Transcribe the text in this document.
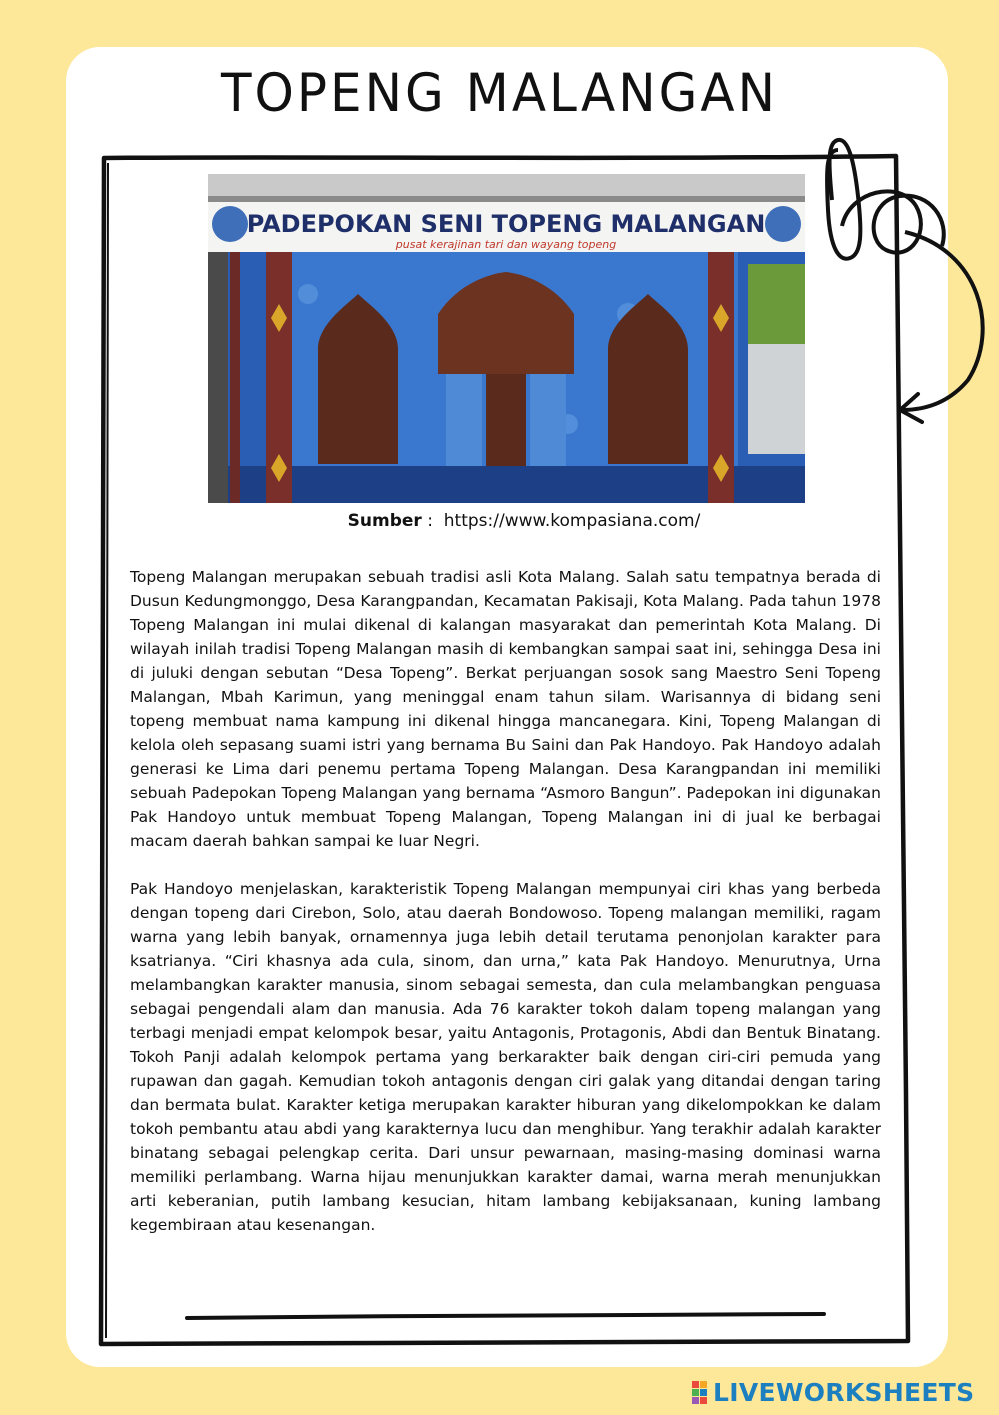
TOPENG MALANGAN
PADEPOKAN SENI TOPENG MALANGAN
pusat kerajinan tari dan wayang topeng
Sumber :  https://www.kompasiana.com/

Topeng Malangan merupakan sebuah tradisi asli Kota Malang. Salah satu tempatnya berada di Dusun Kedungmonggo, Desa Karangpandan, Kecamatan Pakisaji, Kota Malang. Pada tahun 1978 Topeng Malangan ini mulai dikenal di kalangan masyarakat dan pemerintah Kota Malang. Di wilayah inilah tradisi Topeng Malangan masih di kembangkan sampai saat ini, sehingga Desa ini di juluki dengan sebutan “Desa Topeng”. Berkat perjuangan sosok sang Maestro Seni Topeng Malangan, Mbah Karimun, yang meninggal enam tahun silam. Warisannya di bidang seni topeng membuat nama kampung ini dikenal hingga mancanegara. Kini, Topeng Malangan di kelola oleh sepasang suami istri yang bernama Bu Saini dan Pak Handoyo. Pak Handoyo adalah generasi ke Lima dari penemu pertama Topeng Malangan. Desa Karangpandan ini memiliki sebuah Padepokan Topeng Malangan yang bernama “Asmoro Bangun”. Padepokan ini digunakan Pak Handoyo untuk membuat Topeng Malangan, Topeng Malangan ini di jual ke berbagai macam daerah bahkan sampai ke luar Negri.

Pak Handoyo menjelaskan, karakteristik Topeng Malangan mempunyai ciri khas yang berbeda dengan topeng dari Cirebon, Solo, atau daerah Bondowoso. Topeng malangan memiliki, ragam warna yang lebih banyak, ornamennya juga lebih detail terutama penonjolan karakter para ksatrianya. “Ciri khasnya ada cula, sinom, dan urna,” kata Pak Handoyo. Menurutnya, Urna melambangkan karakter manusia, sinom sebagai semesta, dan cula melambangkan penguasa sebagai pengendali alam dan manusia. Ada 76 karakter tokoh dalam topeng malangan yang terbagi menjadi empat kelompok besar, yaitu Antagonis, Protagonis, Abdi dan Bentuk Binatang. Tokoh Panji adalah kelompok pertama yang berkarakter baik dengan ciri-ciri pemuda yang rupawan dan gagah. Kemudian tokoh antagonis dengan ciri galak yang ditandai dengan taring dan bermata bulat. Karakter ketiga merupakan karakter hiburan yang dikelompokkan ke dalam tokoh pembantu atau abdi yang karakternya lucu dan menghibur. Yang terakhir adalah karakter binatang sebagai pelengkap cerita. Dari unsur pewarnaan, masing-masing dominasi warna memiliki perlambang. Warna hijau menunjukkan karakter damai, warna merah menunjukkan arti keberanian, putih lambang kesucian, hitam lambang kebijaksanaan, kuning lambang kegembiraan atau kesenangan.

LIVEWORKSHEETS
